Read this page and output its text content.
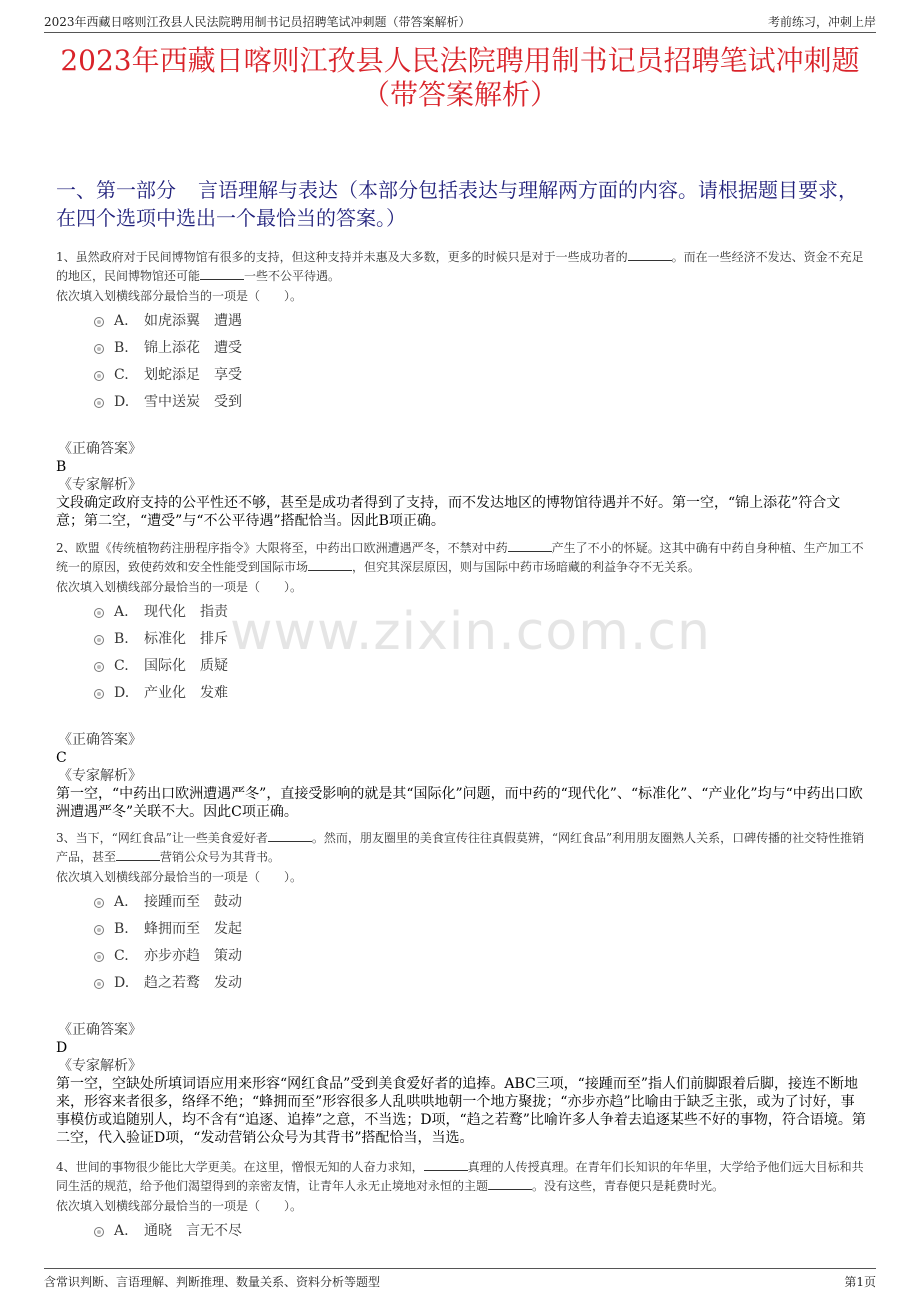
2023年西藏日喀则江孜县人民法院聘用制书记员招聘笔试冲刺题（带答案解析）	考前练习，冲刺上岸
2023年西藏日喀则江孜县人民法院聘用制书记员招聘笔试冲刺题（带答案解析）
一、第一部分 言语理解与表达（本部分包括表达与理解两方面的内容。请根据题目要求，在四个选项中选出一个最恰当的答案。）
www.zixin.com.cn
1、虽然政府对于民间博物馆有很多的支持，但这种支持并未惠及大多数，更多的时候只是对于一些成功者的	。而在一些经济不发达、资金不充足的地区，民间博物馆还可能	一些不公平待遇。
依次填入划横线部分最恰当的一项是（　　）。
A. 如虎添翼　遭遇
B. 锦上添花　遭受
C. 划蛇添足　享受
D. 雪中送炭　受到
《正确答案》
B
《专家解析》
文段确定政府支持的公平性还不够，甚至是成功者得到了支持，而不发达地区的博物馆待遇并不好。第一空，“锦上添花”符合文意；第二空，“遭受”与“不公平待遇”搭配恰当。因此B项正确。
2、欧盟《传统植物药注册程序指令》大限将至，中药出口欧洲遭遇严冬，不禁对中药	产生了不小的怀疑。这其中确有中药自身种植、生产加工不统一的原因，致使药效和安全性能受到国际市场	，但究其深层原因，则与国际中药市场暗藏的利益争夺不无关系。
依次填入划横线部分最恰当的一项是（　　）。
A. 现代化　指责
B. 标准化　排斥
C. 国际化　质疑
D. 产业化　发难
《正确答案》
C
《专家解析》
第一空，“中药出口欧洲遭遇严冬”，直接受影响的就是其“国际化”问题，而中药的“现代化”、“标准化”、“产业化”均与“中药出口欧洲遭遇严冬”关联不大。因此C项正确。
3、当下，“网红食品”让一些美食爱好者	。然而，朋友圈里的美食宣传往往真假莫辨，“网红食品”利用朋友圈熟人关系，口碑传播的社交特性推销产品，甚至	营销公众号为其背书。
依次填入划横线部分最恰当的一项是（　　）。
A. 接踵而至　鼓动
B. 蜂拥而至　发起
C. 亦步亦趋　策动
D. 趋之若鹜　发动
《正确答案》
D
《专家解析》
第一空，空缺处所填词语应用来形容“网红食品”受到美食爱好者的追捧。ABC三项，“接踵而至”指人们前脚跟着后脚，接连不断地来，形容来者很多，络绎不绝；“蜂拥而至”形容很多人乱哄哄地朝一个地方聚拢；“亦步亦趋”比喻由于缺乏主张，或为了讨好，事事模仿或追随别人，均不含有“追逐、追捧”之意，不当选；D项，“趋之若鹜”比喻许多人争着去追逐某些不好的事物，符合语境。第二空，代入验证D项，“发动营销公众号为其背书”搭配恰当，当选。
4、世间的事物很少能比大学更美。在这里，憎恨无知的人奋力求知，	真理的人传授真理。在青年们长知识的年华里，大学给予他们远大目标和共同生活的规范，给予他们渴望得到的亲密友情，让青年人永无止境地对永恒的主题	。没有这些，青春便只是耗费时光。
依次填入划横线部分最恰当的一项是（　　）。
A. 通晓　言无不尽
含常识判断、言语理解、判断推理、数量关系、资料分析等题型	第1页
